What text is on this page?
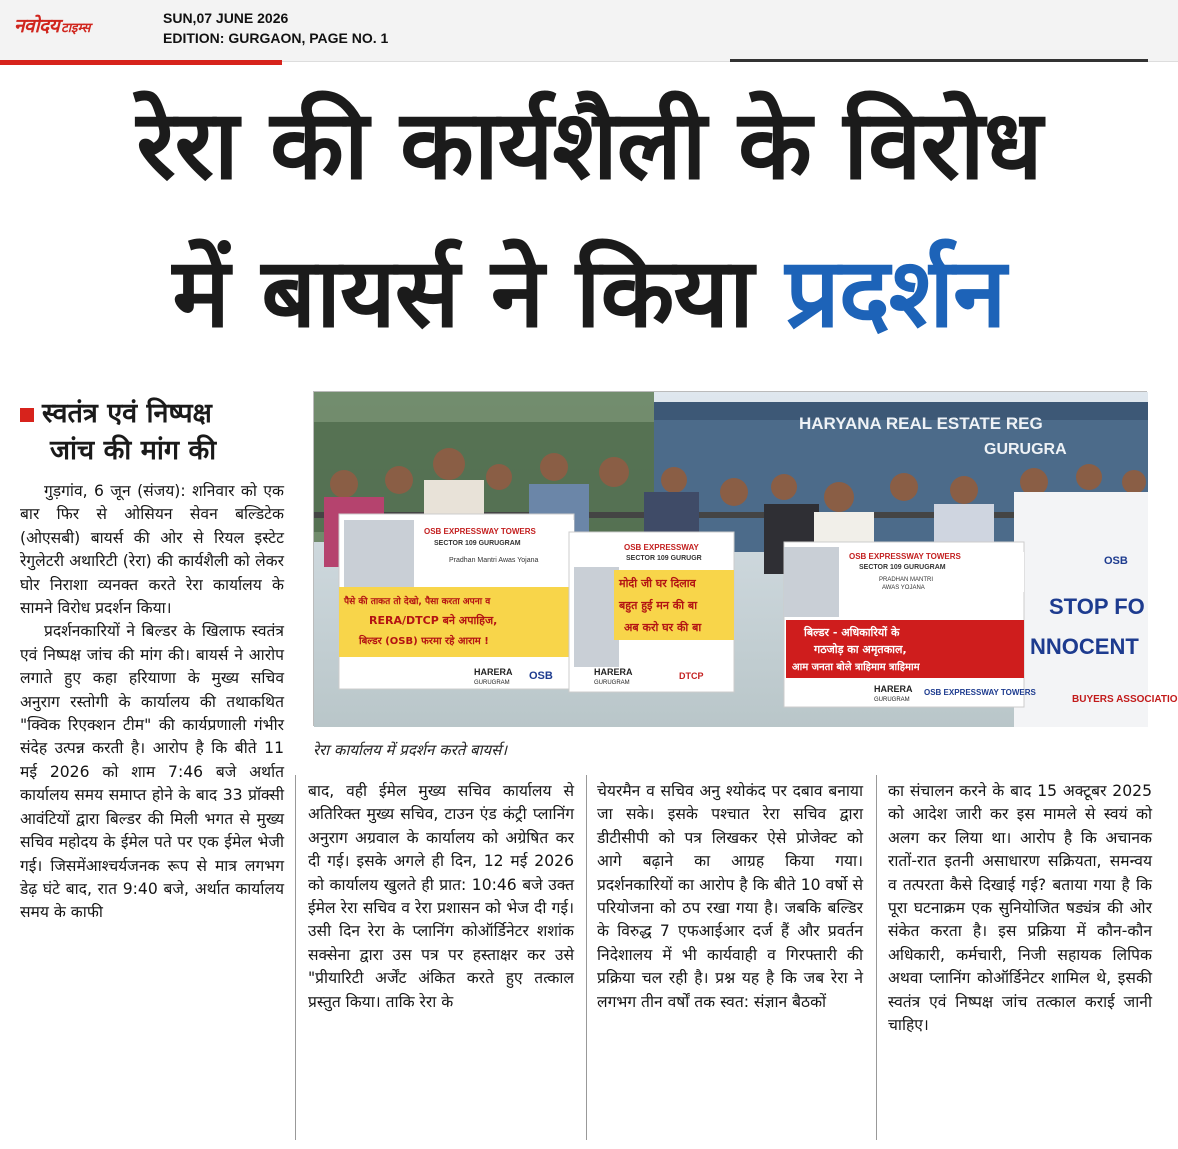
नवोदय टाइम्स
SUN,07 JUNE 2026
EDITION: GURGAON, PAGE NO. 1
रेरा की कार्यशैली के विरोध
में बायर्स ने किया प्रदर्शन
स्वतंत्र एवं निष्पक्ष
जांच की मांग की
HARYANA REAL ESTATE REG
GURUGRA
OSB
STOP FO
NNOCENT
BUYERS ASSOCIATIO
OSB EXPRESSWAY TOWERS
SECTOR 109 GURUGRAM
Pradhan Mantri Awas Yojana
पैसे की ताकत तो देखो, पैसा करता अपना व
RERA/DTCP बने अपाहिज,
बिल्डर (OSB) फरमा रहे आराम !
HARERA
GURUGRAM
OSB
OSB EXPRESSWAY
SECTOR 109 GURUGR
मोदी जी घर दिलाव
बहुत हुई मन की बा
अब करो घर की बा
HARERA
GURUGRAM
DTCP
OSB EXPRESSWAY TOWERS
SECTOR 109 GURUGRAM
PRADHAN MANTRI
AWAS YOJANA
बिल्डर - अधिकारियों के
गठजोड़ का अमृतकाल,
आम जनता बोले त्राहिमाम त्राहिमाम
HARERA
GURUGRAM
OSB EXPRESSWAY TOWERS
रेरा कार्यालय में प्रदर्शन करते बायर्स।

गुड़गांव, 6 जून (संजय): शनिवार को एक बार फिर से ओसियन सेवन बल्डिटेक (ओएसबी) बायर्स की ओर से रियल इस्टेट रेगुलेटरी अथारिटी (रेरा) की कार्यशैली को लेकर घोर निराशा व्यनक्त करते रेरा कार्यालय के सामने विरोध प्रदर्शन किया।

प्रदर्शनकारियों ने बिल्डर के खिलाफ स्वतंत्र एवं निष्पक्ष जांच की मांग की। बायर्स ने आरोप लगाते हुए कहा हरियाणा के मुख्य सचिव अनुराग रस्तोगी के कार्यालय की तथाकथित "क्विक रिएक्शन टीम" की कार्यप्रणाली गंभीर संदेह उत्पन्न करती है। आरोप है कि बीते 11 मई 2026 को शाम 7:46 बजे अर्थात कार्यालय समय समाप्त होने के बाद 33 प्रॉक्सी आवंटियों द्वारा बिल्डर की मिली भगत से मुख्य सचिव महोदय के ईमेल पते पर एक ईमेल भेजी गई। जिसमेंआश्चर्यजनक रूप से मात्र लगभग डेढ़ घंटे बाद, रात 9:40 बजे, अर्थात कार्यालय समय के काफी

बाद, वही ईमेल मुख्य सचिव कार्यालय से अतिरिक्त मुख्य सचिव, टाउन एंड कंट्री प्लानिंग अनुराग अग्रवाल के कार्यालय को अग्रेषित कर दी गई। इसके अगले ही दिन, 12 मई 2026 को कार्यालय खुलते ही प्रात: 10:46 बजे उक्त ईमेल रेरा सचिव व रेरा प्रशासन को भेज दी गई। उसी दिन रेरा के प्लानिंग कोऑर्डिनेटर शशांक सक्सेना द्वारा उस पत्र पर हस्ताक्षर कर उसे "प्रीयारिटी अर्जेंट अंकित करते हुए तत्काल प्रस्तुत किया। ताकि रेरा के

चेयरमैन व सचिव अनु श्योकंद पर दबाव बनाया जा सके। इसके पश्चात रेरा सचिव द्वारा डीटीसीपी को पत्र लिखकर ऐसे प्रोजेक्ट को आगे बढ़ाने का आग्रह किया गया। प्रदर्शनकारियों का आरोप है कि बीते 10 वर्षो से परियोजना को ठप रखा गया है। जबकि बल्डिर के विरुद्ध 7 एफआईआर दर्ज हैं और प्रवर्तन निदेशालय में भी कार्यवाही व गिरफ्तारी की प्रक्रिया चल रही है। प्रश्न यह है कि जब रेरा ने लगभग तीन वर्षों तक स्वत: संज्ञान बैठकों

का संचालन करने के बाद 15 अक्टूबर 2025 को आदेश जारी कर इस मामले से स्वयं को अलग कर लिया था। आरोप है कि अचानक रातों-रात इतनी असाधारण सक्रियता, समन्वय व तत्परता कैसे दिखाई गई? बताया गया है कि पूरा घटनाक्रम एक सुनियोजित षड्यंत्र की ओर संकेत करता है। इस प्रक्रिया में कौन-कौन अधिकारी, कर्मचारी, निजी सहायक लिपिक अथवा प्लानिंग कोऑर्डिनेटर शामिल थे, इसकी स्वतंत्र एवं निष्पक्ष जांच तत्काल कराई जानी चाहिए।
